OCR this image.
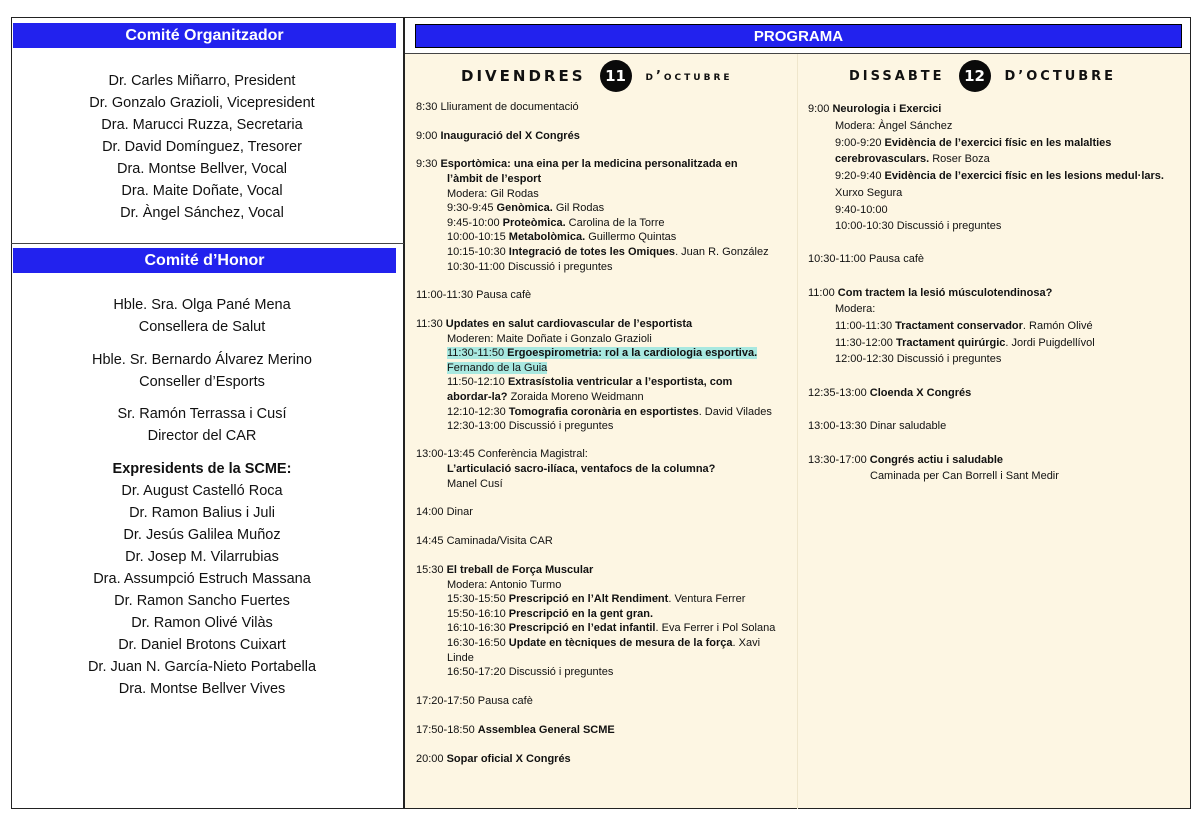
Comité Organitzador
Dr. Carles Miñarro, President
Dr. Gonzalo Grazioli, Vicepresident
Dra. Marucci Ruzza, Secretaria
Dr. David Domínguez, Tresorer
Dra. Montse Bellver, Vocal
Dra. Maite Doñate, Vocal
Dr. Àngel Sánchez, Vocal
Comité d’Honor
Hble. Sra. Olga Pané Mena
Consellera de Salut
Hble. Sr. Bernardo Álvarez Merino
Conseller d’Esports
Sr. Ramón Terrassa i Cusí
Director del CAR
Expresidents de la SCME:
Dr. August Castelló Roca
Dr. Ramon Balius i Juli
Dr. Jesús Galilea Muñoz
Dr. Josep M. Vilarrubias
Dra. Assumpció Estruch Massana
Dr. Ramon Sancho Fuertes
Dr. Ramon Olivé Vilàs
Dr. Daniel Brotons Cuixart
Dr. Juan N. García-Nieto Portabella
Dra. Montse Bellver Vives
PROGRAMA
DIVENDRES	11	d’octubre	DISSABTE	12	D’OCTUBRE
8:30 Lliurament de documentació
9:00 Inauguració del X Congrés
9:30 Esportòmica: una eina per la medicina personalitzada en
l’àmbit de l’esport
Modera: Gil Rodas
9:30-9:45 Genòmica. Gil Rodas
9:45-10:00 Proteòmica. Carolina de la Torre
10:00-10:15 Metabolòmica. Guillermo Quintas
10:15-10:30 Integració de totes les Omiques. Juan R. González
10:30-11:00 Discussió i preguntes
11:00-11:30 Pausa cafè
11:30 Updates en salut cardiovascular de l’esportista
Moderen: Maite Doñate i Gonzalo Grazioli
11:30-11:50 Ergoespirometria: rol a la cardiologia esportiva.
Fernando de la Guia
11:50-12:10 Extrasístolia ventricular a l’esportista, com
abordar-la? Zoraida Moreno Weidmann
12:10-12:30 Tomografia coronària en esportistes. David Vilades
12:30-13:00 Discussió i preguntes
13:00-13:45 Conferència Magistral:
L’articulació sacro-ilíaca, ventafocs de la columna?
Manel Cusí
14:00 Dinar
14:45 Caminada/Visita CAR
15:30 El treball de Força Muscular
Modera: Antonio Turmo
15:30-15:50 Prescripció en l’Alt Rendiment. Ventura Ferrer
15:50-16:10 Prescripció en la gent gran.
16:10-16:30 Prescripció en l’edat infantil. Eva Ferrer i Pol Solana
16:30-16:50 Update en tècniques de mesura de la força. Xavi
Linde
16:50-17:20 Discussió i preguntes
17:20-17:50 Pausa cafè
17:50-18:50 Assemblea General SCME
20:00 Sopar oficial X Congrés
9:00 Neurologia i Exercici
Modera: Àngel Sánchez
9:00-9:20 Evidència de l’exercici físic en les malalties
cerebrovasculars. Roser Boza
9:20-9:40 Evidència de l’exercici físic en les lesions medul·lars.
Xurxo Segura
9:40-10:00
10:00-10:30 Discussió i preguntes
10:30-11:00 Pausa cafè
11:00 Com tractem la lesió músculotendinosa?
Modera:
11:00-11:30 Tractament conservador. Ramón Olivé
11:30-12:00 Tractament quirúrgic. Jordi Puigdellívol
12:00-12:30 Discussió i preguntes
12:35-13:00 Cloenda X Congrés
13:00-13:30 Dinar saludable
13:30-17:00 Congrés actiu i saludable
Caminada per Can Borrell i Sant Medir
